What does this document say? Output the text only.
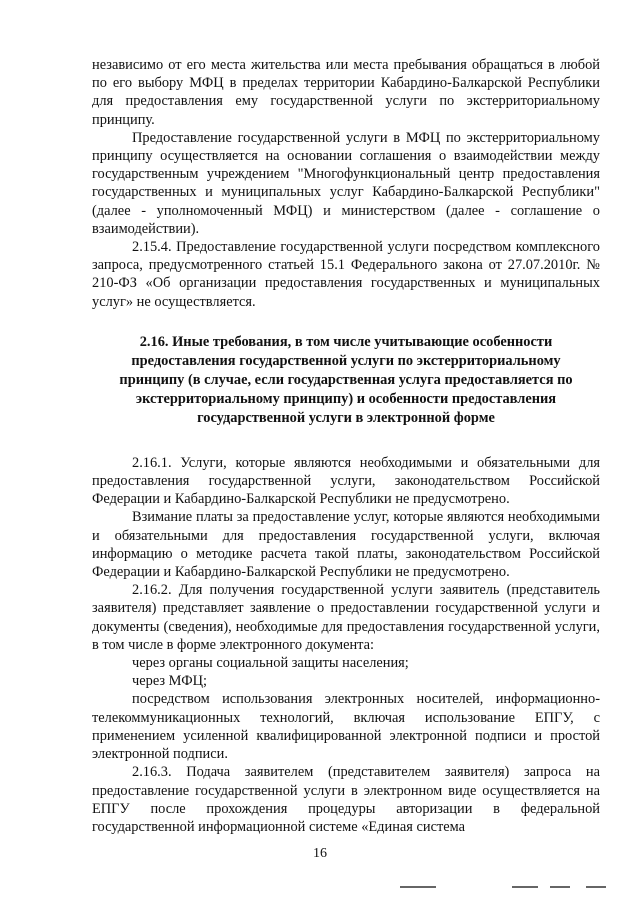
независимо от его места жительства или места пребывания обращаться в любой по его выбору МФЦ в пределах территории Кабардино-Балкарской Республики для предоставления ему государственной услуги по экстерриториальному принципу.

Предоставление государственной услуги в МФЦ по экстерриториальному принципу осуществляется на основании соглашения о взаимодействии между государственным учреждением "Многофункциональный центр предоставления государственных и муниципальных услуг Кабардино-Балкарской Республики" (далее - уполномоченный МФЦ) и министерством (далее - соглашение о взаимодействии).

2.15.4. Предоставление государственной услуги посредством комплексного запроса, предусмотренного статьей 15.1 Федерального закона от 27.07.2010г. № 210-ФЗ «Об организации предоставления государственных и муниципальных услуг» не осуществляется.

2.16. Иные требования, в том числе учитывающие особенности предоставления государственной услуги по экстерриториальному принципу (в случае, если государственная услуга предоставляется по экстерриториальному принципу) и особенности предоставления государственной услуги в электронной форме

2.16.1. Услуги, которые являются необходимыми и обязательными для предоставления государственной услуги, законодательством Российской Федерации и Кабардино-Балкарской Республики не предусмотрено.

Взимание платы за предоставление услуг, которые являются необходимыми и обязательными для предоставления государственной услуги, включая информацию о методике расчета такой платы, законодательством Российской Федерации и Кабардино-Балкарской Республики не предусмотрено.

2.16.2. Для получения государственной услуги заявитель (представитель заявителя) представляет заявление о предоставлении государственной услуги и документы (сведения), необходимые для предоставления государственной услуги, в том числе в форме электронного документа:

через органы социальной защиты населения;

через МФЦ;

посредством использования электронных носителей, информационно-телекоммуникационных технологий, включая использование ЕПГУ, с применением усиленной квалифицированной электронной подписи и простой электронной подписи.

2.16.3. Подача заявителем (представителем заявителя) запроса на предоставление государственной услуги в электронном виде осуществляется на ЕПГУ после прохождения процедуры авторизации в федеральной государственной информационной системе «Единая система

16
